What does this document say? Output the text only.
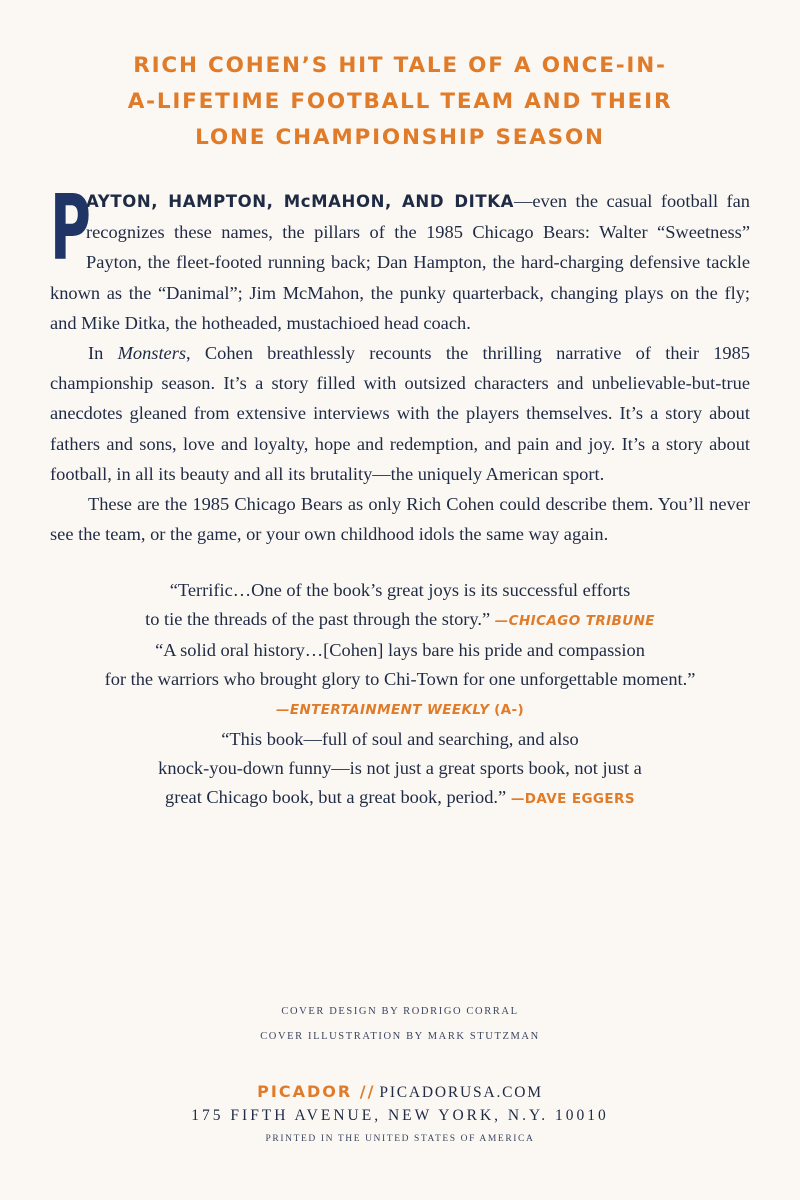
RICH COHEN’S HIT TALE OF A ONCE-IN-
A-LIFETIME FOOTBALL TEAM AND THEIR
LONE CHAMPIONSHIP SEASON

P
AYTON, HAMPTON, McMAHON, AND DITKA—even the casual football fan recognizes these names, the pillars of the 1985 Chicago Bears: Walter “Sweetness” Payton, the fleet-footed running back; Dan Hampton, the hard-charging defensive tackle known as the “Danimal”; Jim McMahon, the punky quarterback, changing plays on the fly; and Mike Ditka, the hotheaded, mustachioed head coach.

In Monsters, Cohen breathlessly recounts the thrilling narrative of their 1985 championship season. It’s a story filled with outsized characters and unbelievable-but-true anecdotes gleaned from extensive interviews with the players themselves. It’s a story about fathers and sons, love and loyalty, hope and redemption, and pain and joy. It’s a story about football, in all its beauty and all its brutality—the uniquely American sport.

These are the 1985 Chicago Bears as only Rich Cohen could describe them. You’ll never see the team, or the game, or your own childhood idols the same way again.

“Terrific…One of the book’s great joys is its successful efforts
to tie the threads of the past through the story.” —CHICAGO TRIBUNE
“A solid oral history…[Cohen] lays bare his pride and compassion
for the warriors who brought glory to Chi-Town for one unforgettable moment.”
—ENTERTAINMENT WEEKLY (A-)
“This book—full of soul and searching, and also
knock-you-down funny—is not just a great sports book, not just a
great Chicago book, but a great book, period.” —DAVE EGGERS
COVER DESIGN BY RODRIGO CORRAL
COVER ILLUSTRATION BY MARK STUTZMAN
PICADOR // PICADORUSA.COM
175 FIFTH AVENUE, NEW YORK, N.Y. 10010
PRINTED IN THE UNITED STATES OF AMERICA
